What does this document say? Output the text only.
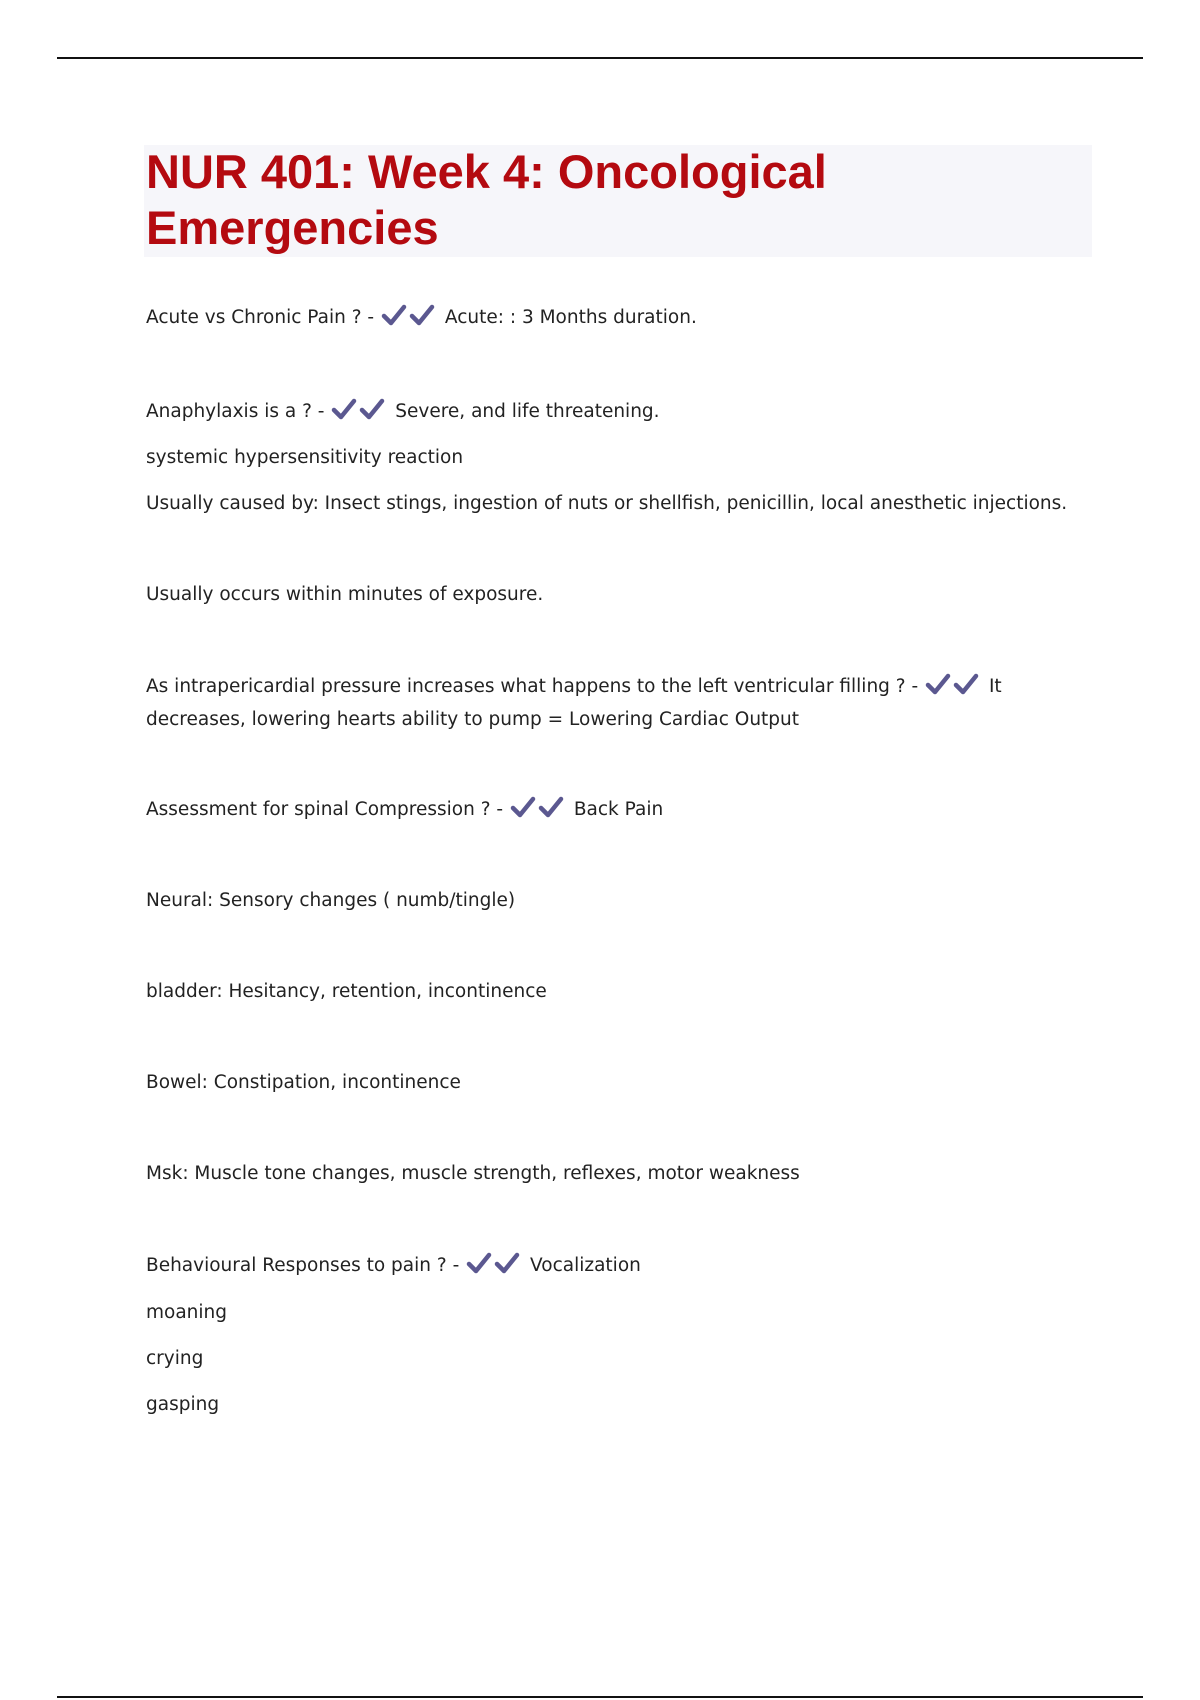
NUR 401: Week 4: Oncological Emergencies

Acute vs Chronic Pain ? -	Acute: : 3 Months duration.

Anaphylaxis is a ? -	Severe, and life threatening.

systemic hypersensitivity reaction

Usually caused by: Insect stings, ingestion of nuts or shellfish, penicillin, local anesthetic injections.

Usually occurs within minutes of exposure.

As intrapericardial pressure increases what happens to the left ventricular filling ? -	It decreases, lowering hearts ability to pump = Lowering Cardiac Output

Assessment for spinal Compression ? -	Back Pain

Neural: Sensory changes ( numb/tingle)

bladder: Hesitancy, retention, incontinence

Bowel: Constipation, incontinence

Msk: Muscle tone changes, muscle strength, reflexes, motor weakness

Behavioural Responses to pain ? -	Vocalization

moaning

crying

gasping
